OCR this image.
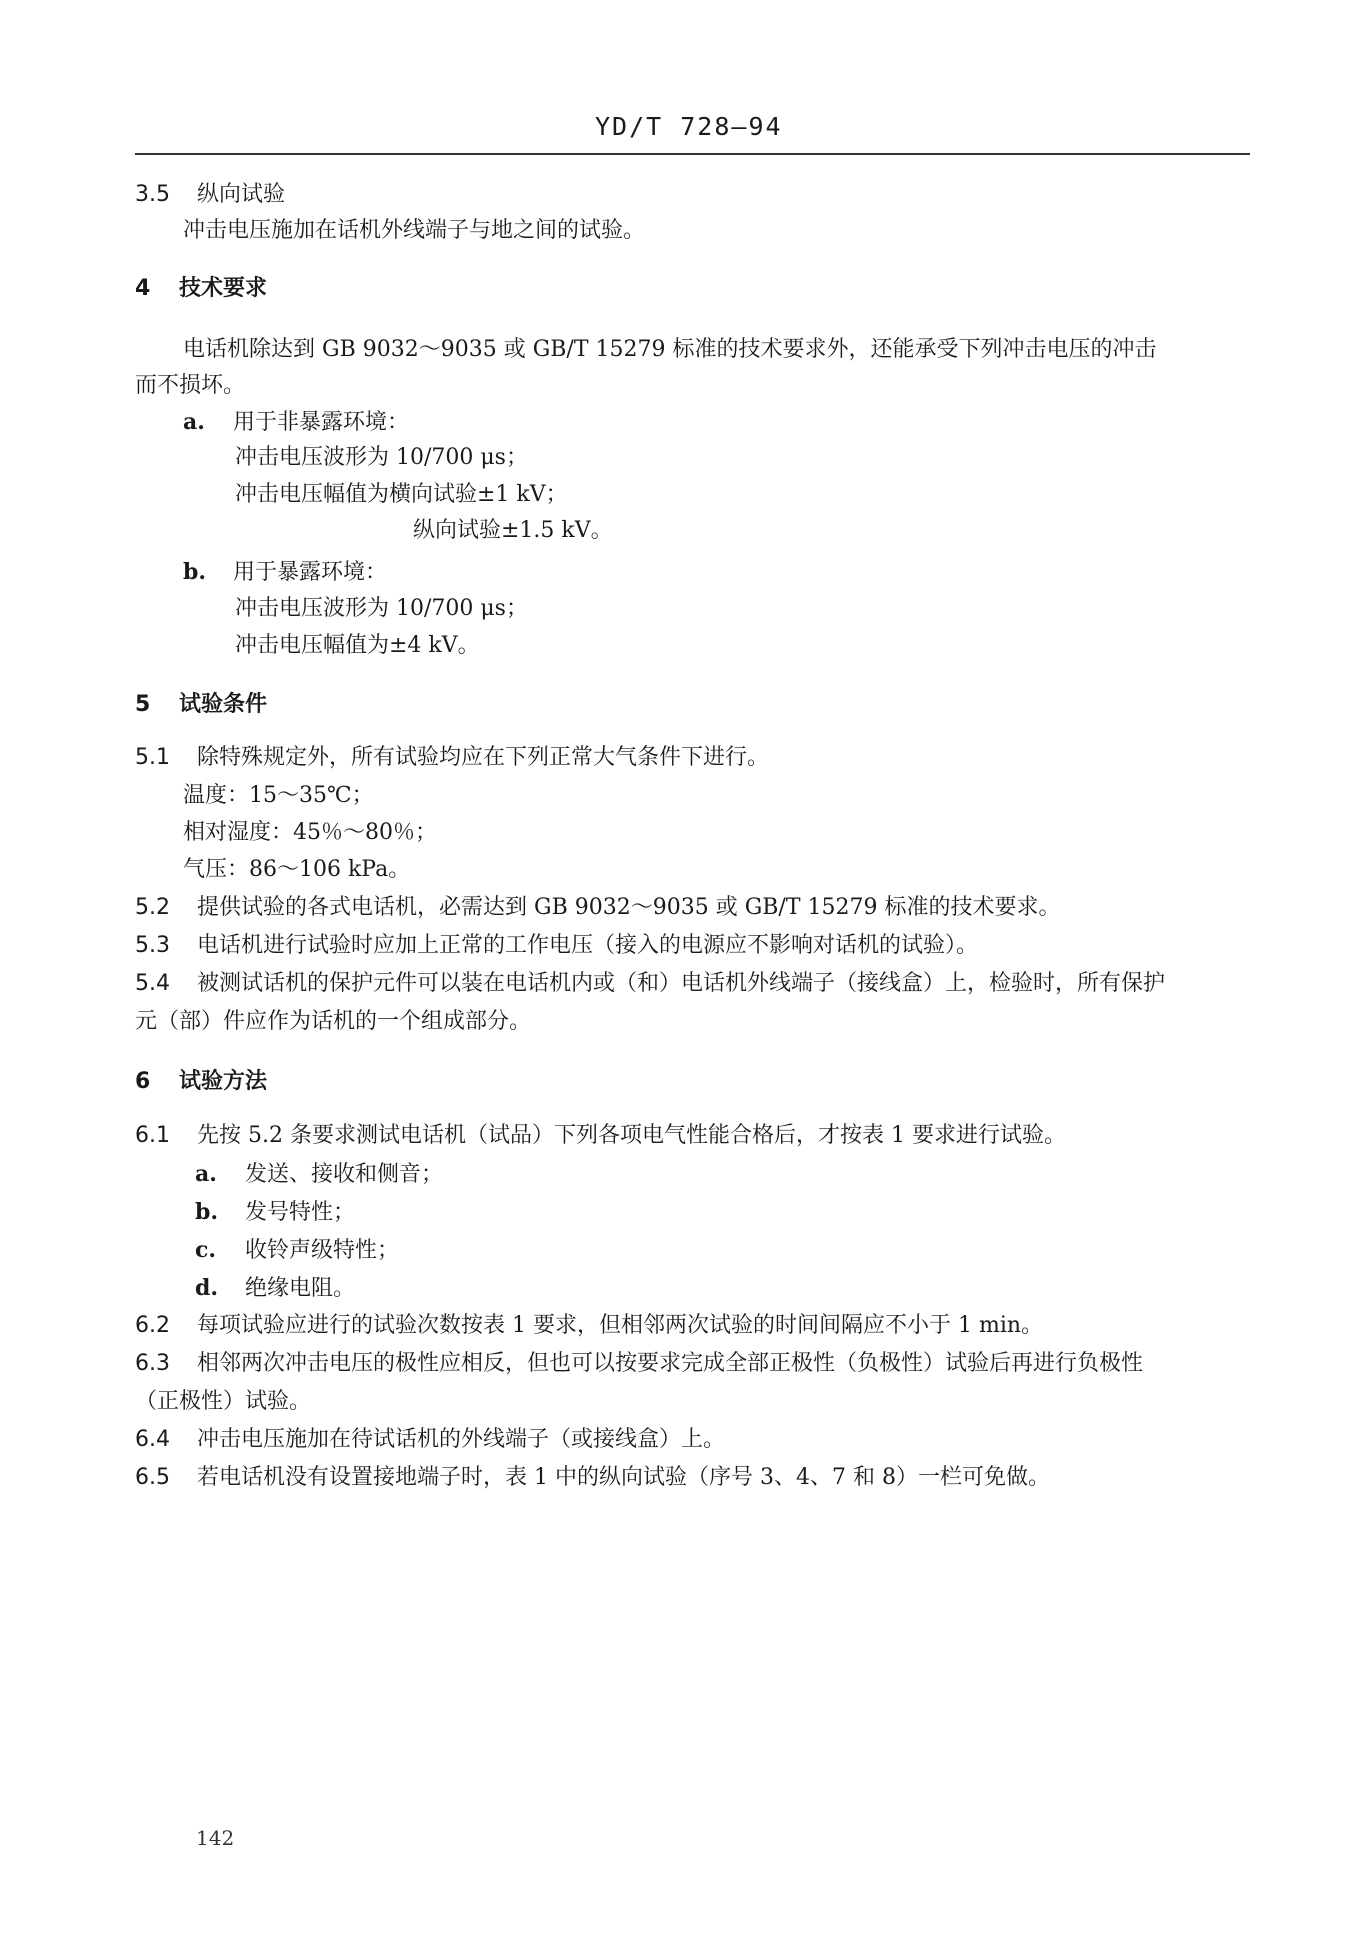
YD/T 728—94
3.5 纵向试验
冲击电压施加在话机外线端子与地之间的试验。
4 技术要求
电话机除达到 GB 9032～9035 或 GB/T 15279 标准的技术要求外，还能承受下列冲击电压的冲击
而不损坏。
a. 用于非暴露环境：
冲击电压波形为 10/700 μs；
冲击电压幅值为横向试验±1 kV；
纵向试验±1.5 kV。
b. 用于暴露环境：
冲击电压波形为 10/700 μs；
冲击电压幅值为±4 kV。
5 试验条件
5.1 除特殊规定外，所有试验均应在下列正常大气条件下进行。
温度：15～35℃；
相对湿度：45％～80％；
气压：86～106 kPa。
5.2 提供试验的各式电话机，必需达到 GB 9032～9035 或 GB/T 15279 标准的技术要求。
5.3 电话机进行试验时应加上正常的工作电压（接入的电源应不影响对话机的试验）。
5.4 被测试话机的保护元件可以装在电话机内或（和）电话机外线端子（接线盒）上，检验时，所有保护
元（部）件应作为话机的一个组成部分。
6 试验方法
6.1 先按 5.2 条要求测试电话机（试品）下列各项电气性能合格后，才按表 1 要求进行试验。
a. 发送、接收和侧音；
b. 发号特性；
c. 收铃声级特性；
d. 绝缘电阻。
6.2 每项试验应进行的试验次数按表 1 要求，但相邻两次试验的时间间隔应不小于 1 min。
6.3 相邻两次冲击电压的极性应相反，但也可以按要求完成全部正极性（负极性）试验后再进行负极性
（正极性）试验。
6.4 冲击电压施加在待试话机的外线端子（或接线盒）上。
6.5 若电话机没有设置接地端子时，表 1 中的纵向试验（序号 3、4、7 和 8）一栏可免做。
142
